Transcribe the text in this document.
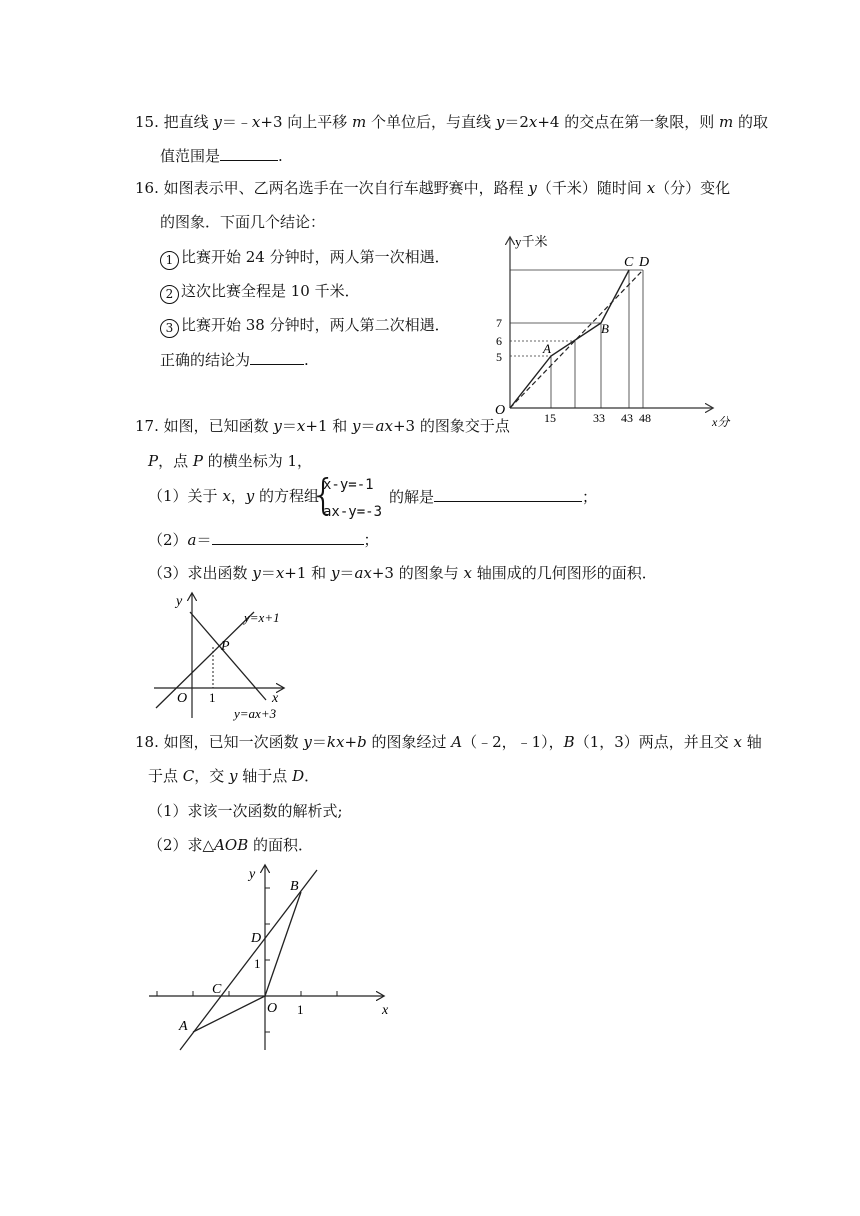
15. 把直线 y＝﹣x+3 向上平移 m 个单位后，与直线 y＝2x+4 的交点在第一象限，则 m 的取
值范围是	.
16. 如图表示甲、乙两名选手在一次自行车越野赛中，路程 y（千米）随时间 x（分）变化
的图象．下面几个结论：
1 比赛开始 24 分钟时，两人第一次相遇．
2 这次比赛全程是 10 千米．
3 比赛开始 38 分钟时，两人第二次相遇．
正确的结论为	.
y千米
x分
O
7
6
5
15	33 43 48
A
B
C D
17. 如图，已知函数 y＝x+1 和 y＝ax+3 的图象交于点
P，点 P 的横坐标为 1，
（1）关于 x，y 的方程组
{
x-y=-1
ax-y=-3
的解是	；
（2）a＝	；
（3）求出函数 y＝x+1 和 y＝ax+3 的图象与 x 轴围成的几何图形的面积．
y
x
O 1
P
y=x+1
y=ax+3
18. 如图，已知一次函数 y＝kx+b 的图象经过 A（﹣2，﹣1），B（1，3）两点，并且交 x 轴
于点 C，交 y 轴于点 D．
（1）求该一次函数的解析式;
（2）求△AOB 的面积．
y
x
O 1
1
A
B
C
D
